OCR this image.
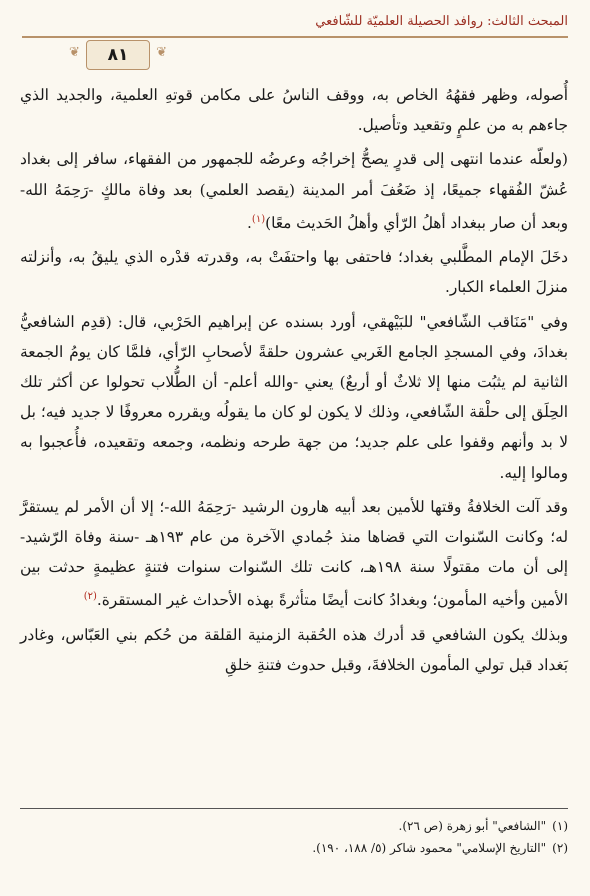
المبحث الثالث: روافد الحصيلة العلميّة للشّافعي
❦ ٨١
❦

أُصوله، وظهر فقهُهُ الخاص به، ووقف الناسُ على مكامن قوتهِ العلمية، والجديد الذي جاءهم به من علمٍ وتقعيد وتأصيل.

(ولعلّه عندما انتهى إلى قدرٍ يصحُّ إخراجُه وعرضُه للجمهور من الفقهاء، سافر إلى بغداد عُشّ الفُقهاء جميعًا، إذ ضَعُفَ أمر المدينة (يقصد العلمي) بعد وفاة مالكٍ -رَحِمَهُ الله- وبعد أن صار ببغداد أهلُ الرّأي وأهلُ الحَديث معًا)$^{(١)}$.

دخَلَ الإمام المطَّلبي بغداد؛ فاحتفى بها واحتفَتْ به، وقدرته قدْره الذي يليقُ به، وأنزلته منزلَ العلماء الكبار.

وفي "مَنَاقب الشّافعي" للبَيْهقي، أورد بسنده عن إبراهيم الحَرْبي، قال: (قدِم الشافعيُّ بغدادَ، وفي المسجدِ الجامع الغَربي عشرون حلقةً لأصحابِ الرّأي، فلمَّا كان يومُ الجمعة الثانية لم يثبُت منها إلا ثلاثٌ أو أربعٌ) يعني -والله أعلم- أن الطُّلاب تحولوا عن أكثر تلك الحِلَق إلى حلْقة الشّافعي، وذلك لا يكون لو كان ما يقولُه ويقرره معروفًا لا جديد فيه؛ بل لا بد وأنهم وقفوا على علم جديد؛ من جهة طرحه ونظمه، وجمعه وتقعيده، فأُعجبوا به ومالوا إليه.

وقد آلت الخلافةُ وقتها للأمين بعد أبيه هارون الرشيد -رَحِمَهُ الله-؛ إلا أن الأمر لم يستقرَّ له؛ وكانت السّنوات التي قضاها منذ جُمادي الآخرة من عام ١٩٣هـ -سنة وفاة الرّشيد- إلى أن مات مقتولًا سنة ١٩٨هـ، كانت تلك السّنوات سنوات فتنةٍ عظيمةٍ حدثت بين الأمين وأخيه المأمون؛ وبغدادُ كانت أيضًا متأثرةً بهذه الأحداث غير المستقرة.$^{(٢)}$

وبذلك يكون الشافعي قد أدرك هذه الحُقبة الزمنية القلقة من حُكم بني العَبّاس، وغادر بَغداد قبل تولي المأمون الخلافةَ، وقبل حدوث فتنةِ خلقِ

(١)"الشافعي" أبو زهرة (ص ٢٦).

(٢)"التاريخ الإسلامي" محمود شاكر (٥/ ١٨٨، ١٩٠).
